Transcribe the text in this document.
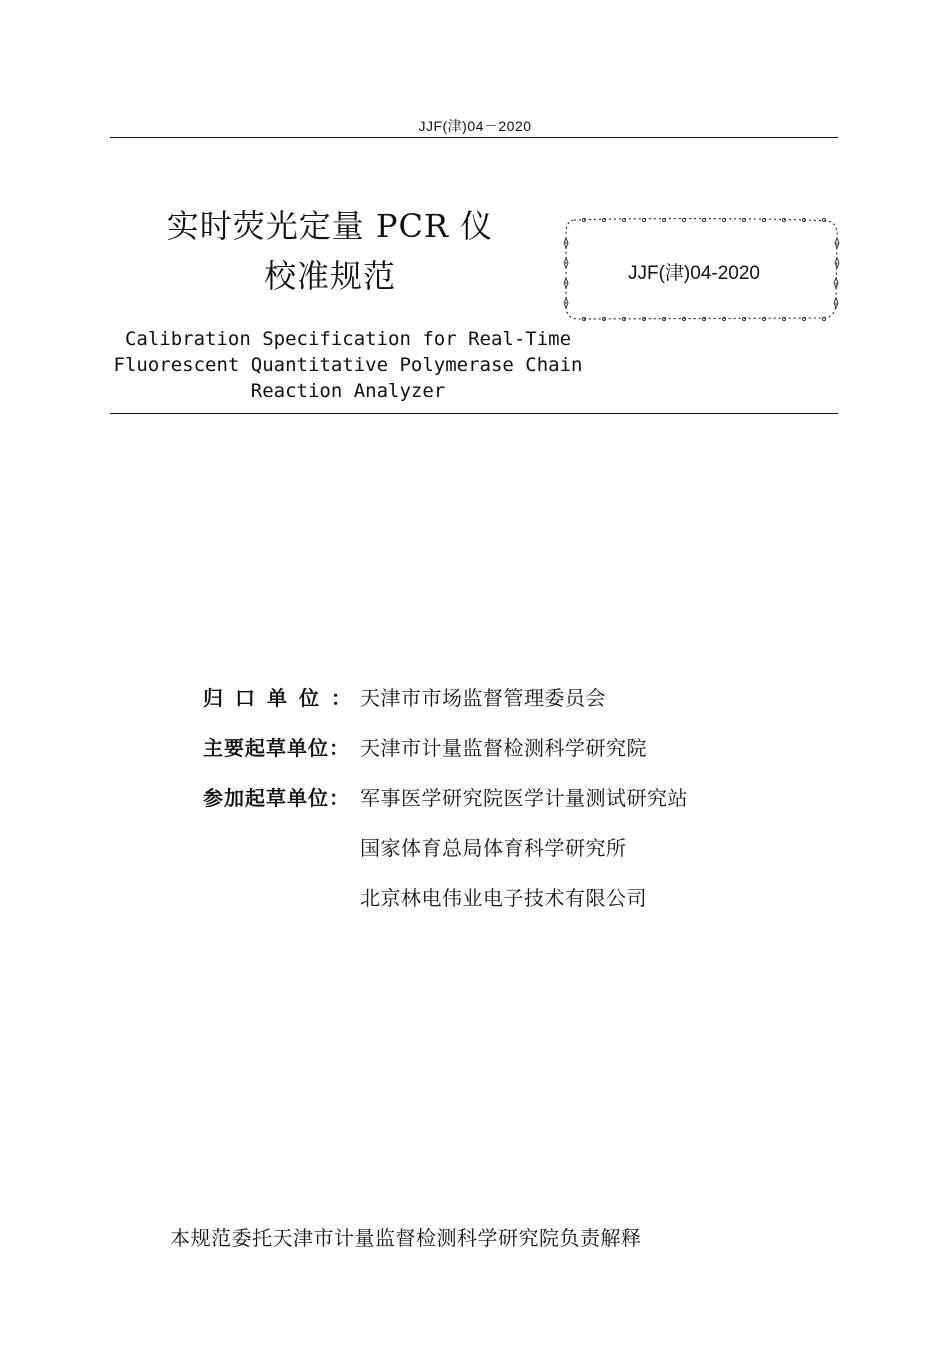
JJF(津)04－2020
实时荧光定量 PCR 仪
校准规范	JJF(津)04-2020
Calibration Specification for Real-Time
Fluorescent Quantitative Polymerase Chain
Reaction Analyzer
归口单位：
天津市市场监督管理委员会
主要起草单位： 天津市计量监督检测科学研究院
参加起草单位： 军事医学研究院医学计量测试研究站
国家体育总局体育科学研究所
北京林电伟业电子技术有限公司
本规范委托天津市计量监督检测科学研究院负责解释
